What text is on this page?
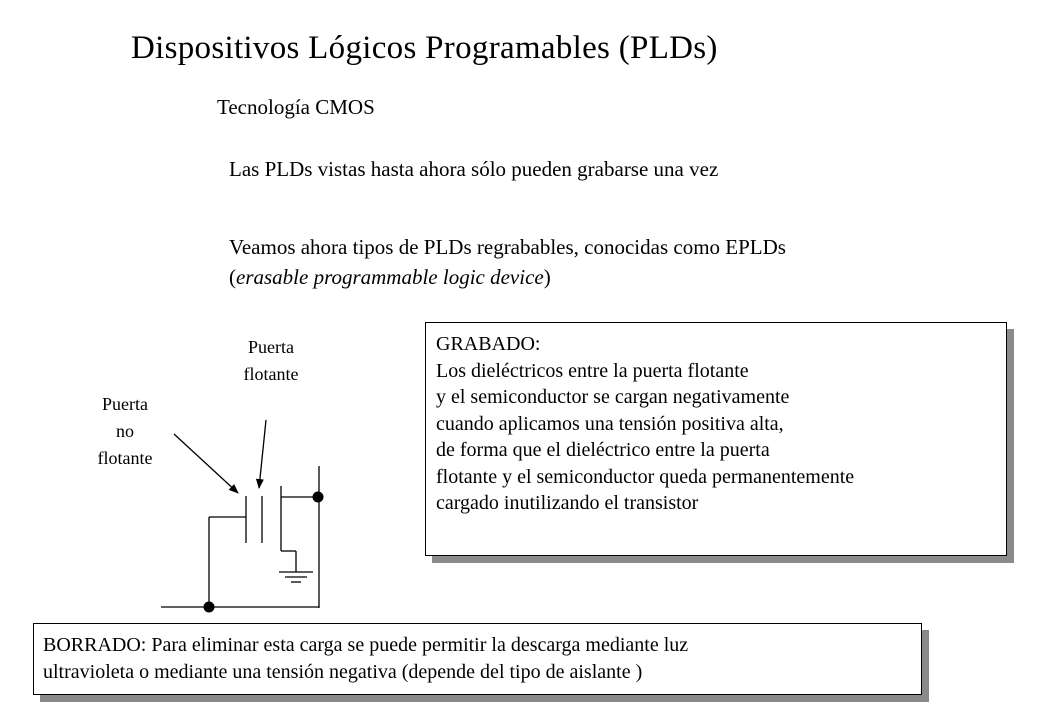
Dispositivos Lógicos Programables (PLDs)
Tecnología CMOS
Las PLDs vistas hasta ahora sólo pueden grabarse una vez
Veamos ahora tipos de PLDs regrabables, conocidas como EPLDs
(erasable programmable logic device)
Puerta
flotante
Puerta
no
flotante
GRABADO:
Los dieléctricos entre la puerta flotante
y el semiconductor se cargan negativamente
cuando aplicamos una tensión positiva alta,
de forma que el dieléctrico entre la puerta
flotante y el semiconductor queda permanentemente
cargado inutilizando el transistor
BORRADO: Para eliminar esta carga se puede permitir la descarga mediante luz
ultravioleta o mediante una tensión negativa (depende del tipo de aislante )
